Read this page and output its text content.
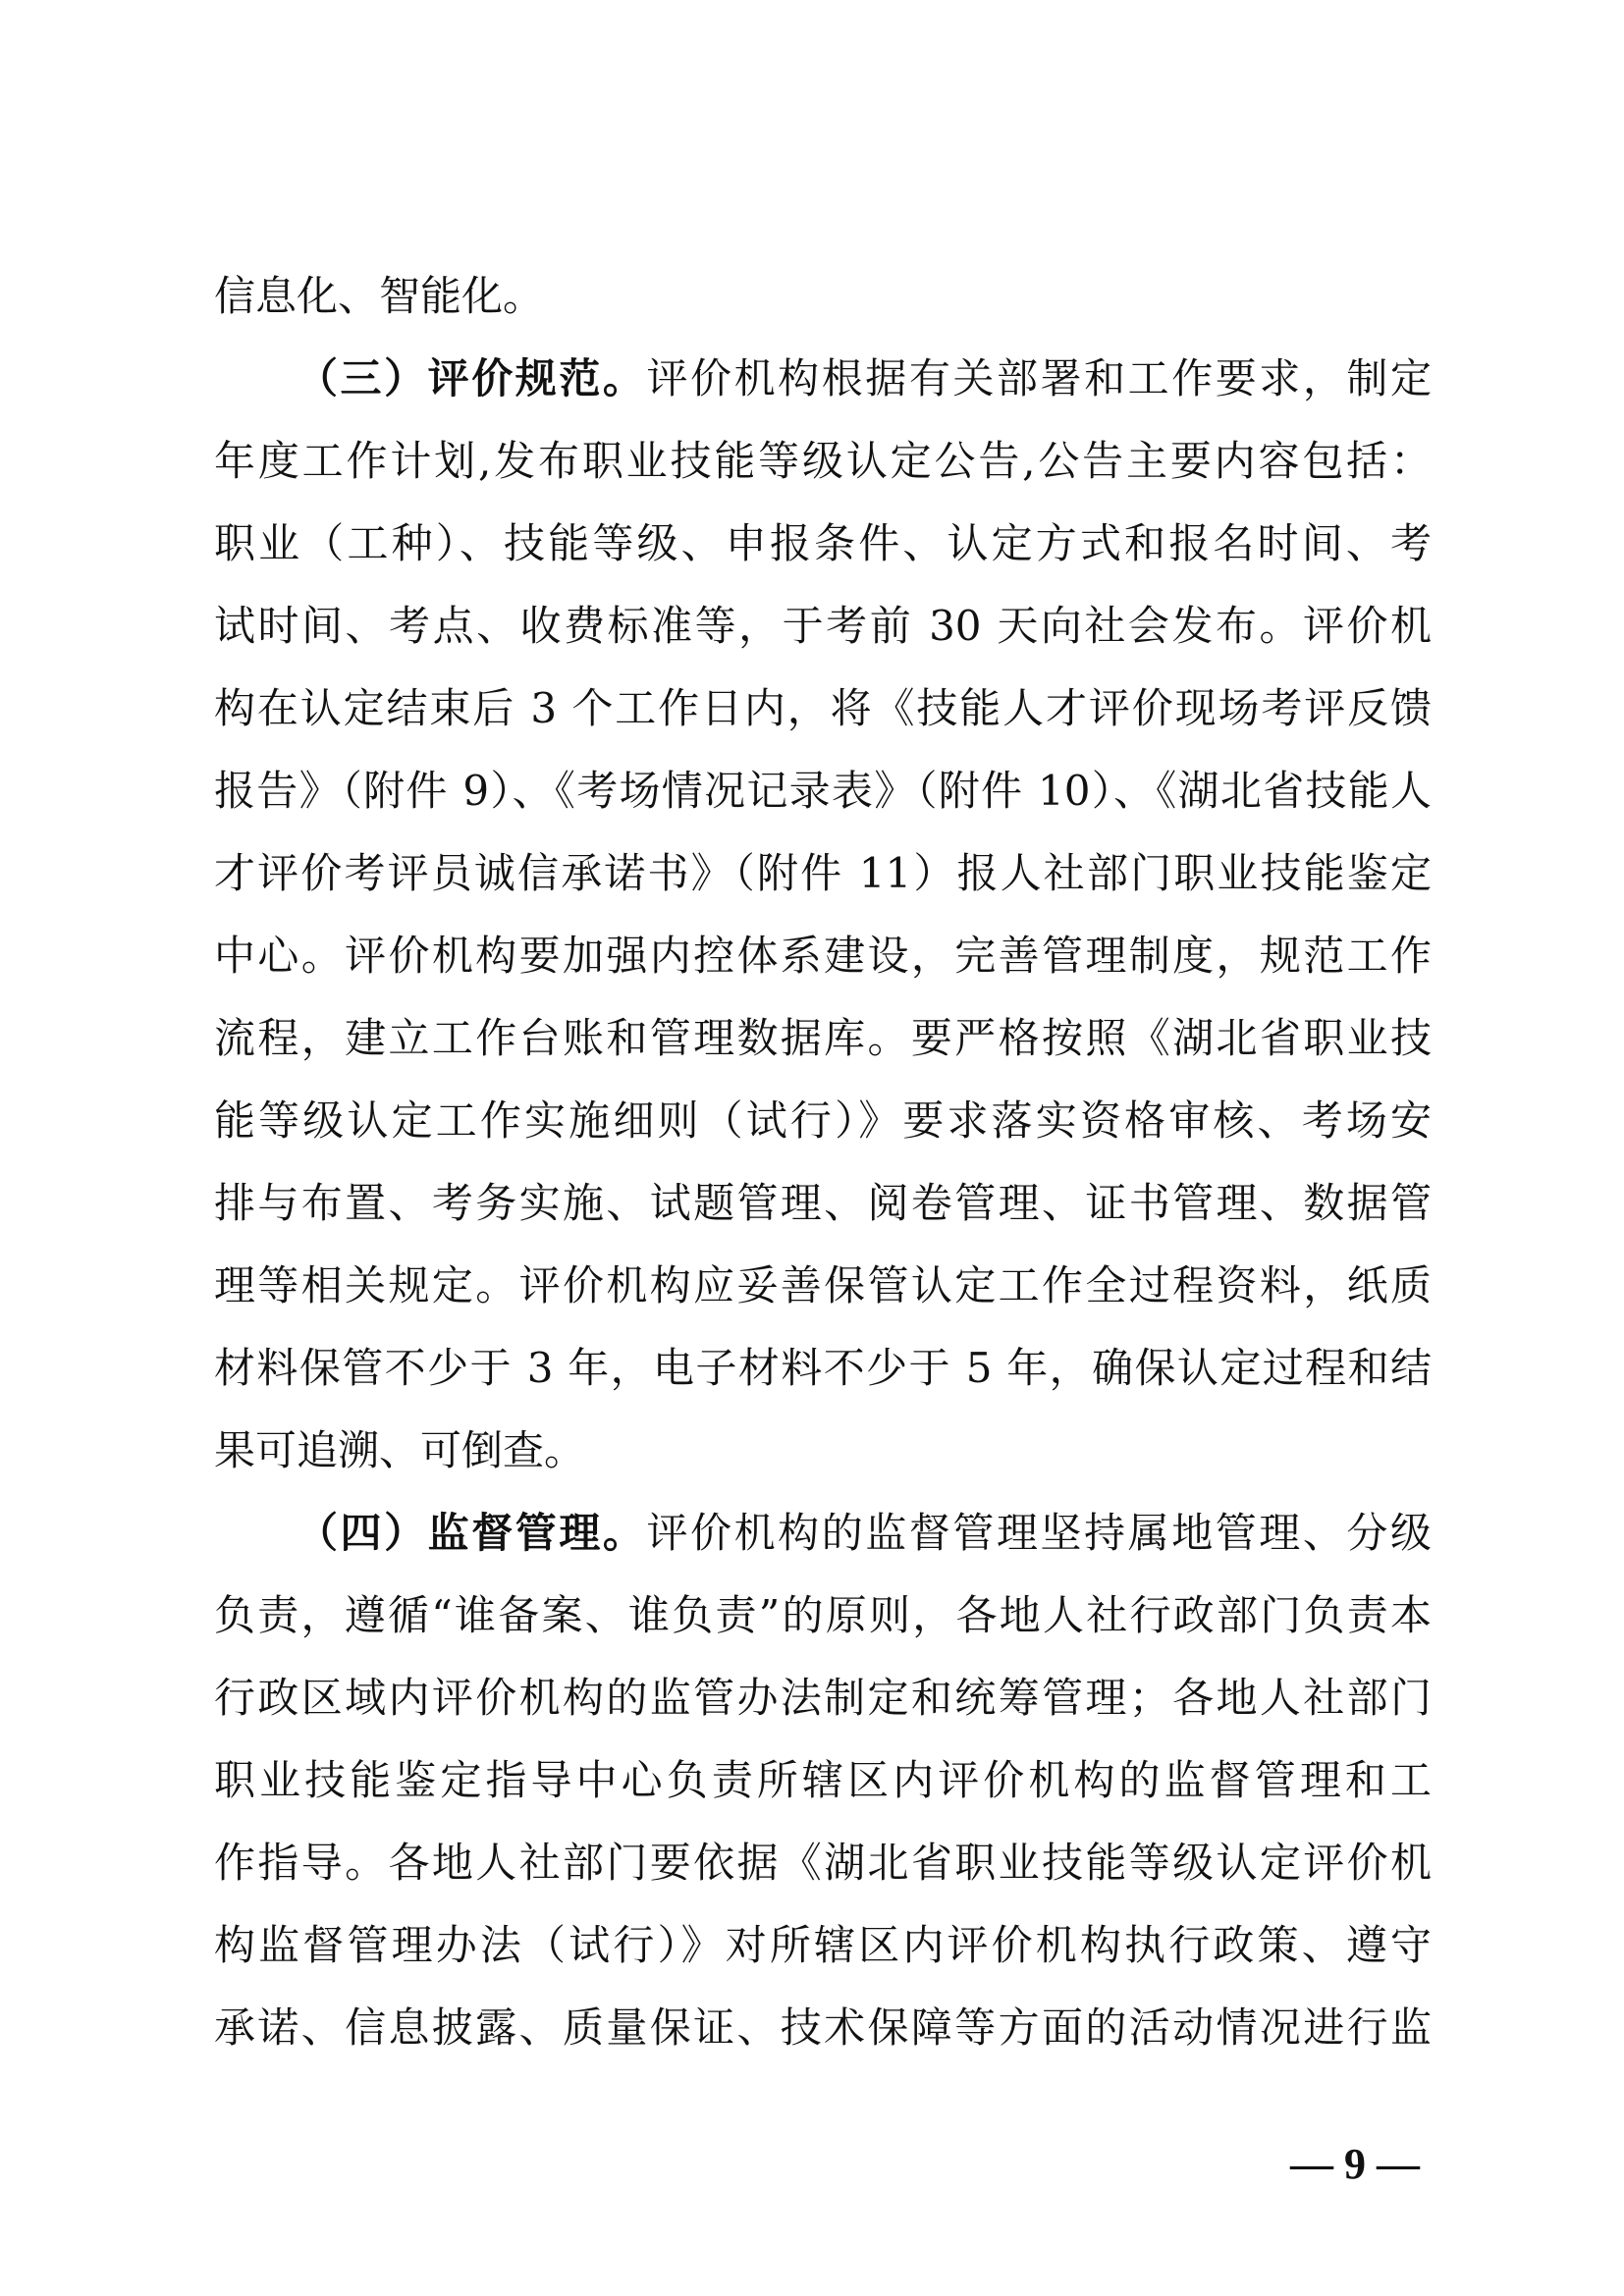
信息化、智能化。
（三）评价规范。评价机构根据有关部署和工作要求，制定
年度工作计划,发布职业技能等级认定公告,公告主要内容包括：
职业（工种）、技能等级、申报条件、认定方式和报名时间、考
试时间、考点、收费标准等，于考前 30 天向社会发布。评价机
构在认定结束后 3 个工作日内，将《技能人才评价现场考评反馈
报告》（附件 9）、《考场情况记录表》（附件 10）、《湖北省技能人
才评价考评员诚信承诺书》（附件 11）报人社部门职业技能鉴定
中心。评价机构要加强内控体系建设，完善管理制度，规范工作
流程，建立工作台账和管理数据库。要严格按照《湖北省职业技
能等级认定工作实施细则（试行）》要求落实资格审核、考场安
排与布置、考务实施、试题管理、阅卷管理、证书管理、数据管
理等相关规定。评价机构应妥善保管认定工作全过程资料，纸质
材料保管不少于 3 年，电子材料不少于 5 年，确保认定过程和结
果可追溯、可倒查。
（四）监督管理。评价机构的监督管理坚持属地管理、分级
负责，遵循“谁备案、谁负责”的原则，各地人社行政部门负责本
行政区域内评价机构的监管办法制定和统筹管理；各地人社部门
职业技能鉴定指导中心负责所辖区内评价机构的监督管理和工
作指导。各地人社部门要依据《湖北省职业技能等级认定评价机
构监督管理办法（试行）》对所辖区内评价机构执行政策、遵守
承诺、信息披露、质量保证、技术保障等方面的活动情况进行监
— 9 —
